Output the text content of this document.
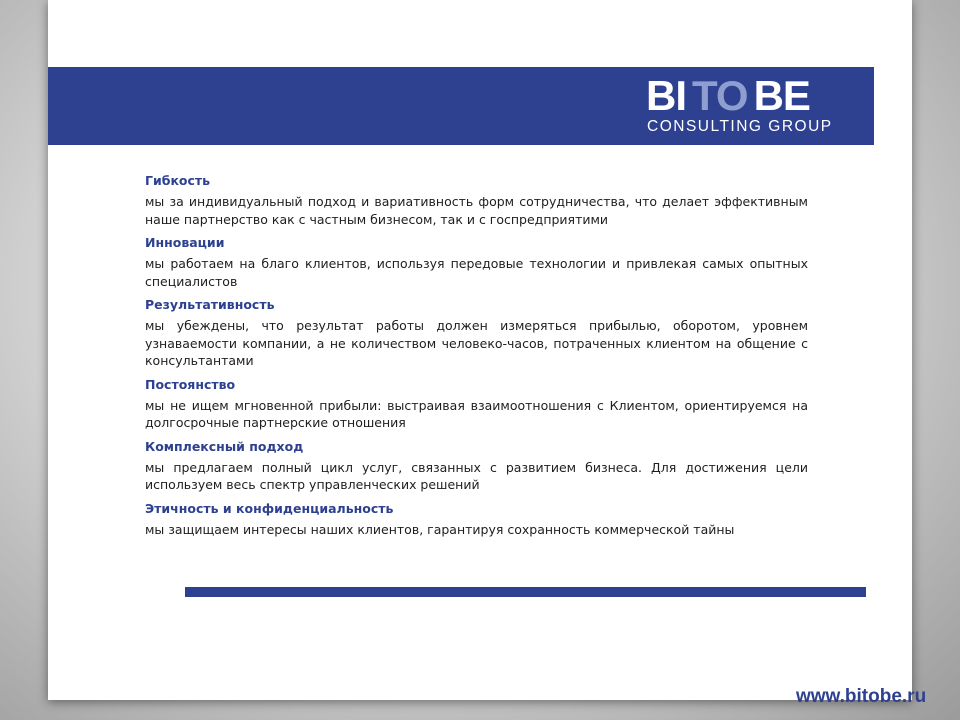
BI TO BE
CONSULTING GROUP
Гибкость
мы за индивидуальный подход и вариативность форм сотрудничества, что делает эффективным наше партнерство как с частным бизнесом, так и с госпредприятими
Инновации
мы работаем на благо клиентов, используя передовые технологии и привлекая самых опытных специалистов
Результативность
мы убеждены, что результат работы должен измеряться прибылью, оборотом, уровнем узнаваемости компании, а не количеством человеко-часов, потраченных клиентом на общение с консультантами
Постоянство
мы не ищем мгновенной прибыли: выстраивая взаимоотношения с Клиентом, ориентируемся на долгосрочные партнерские отношения
Комплексный подход
мы предлагаем полный цикл услуг, связанных с развитием бизнеса. Для достижения цели используем весь спектр управленческих решений
Этичность и конфиденциальность
мы защищаем интересы наших клиентов, гарантируя сохранность коммерческой тайны
www.bitobe.ru
